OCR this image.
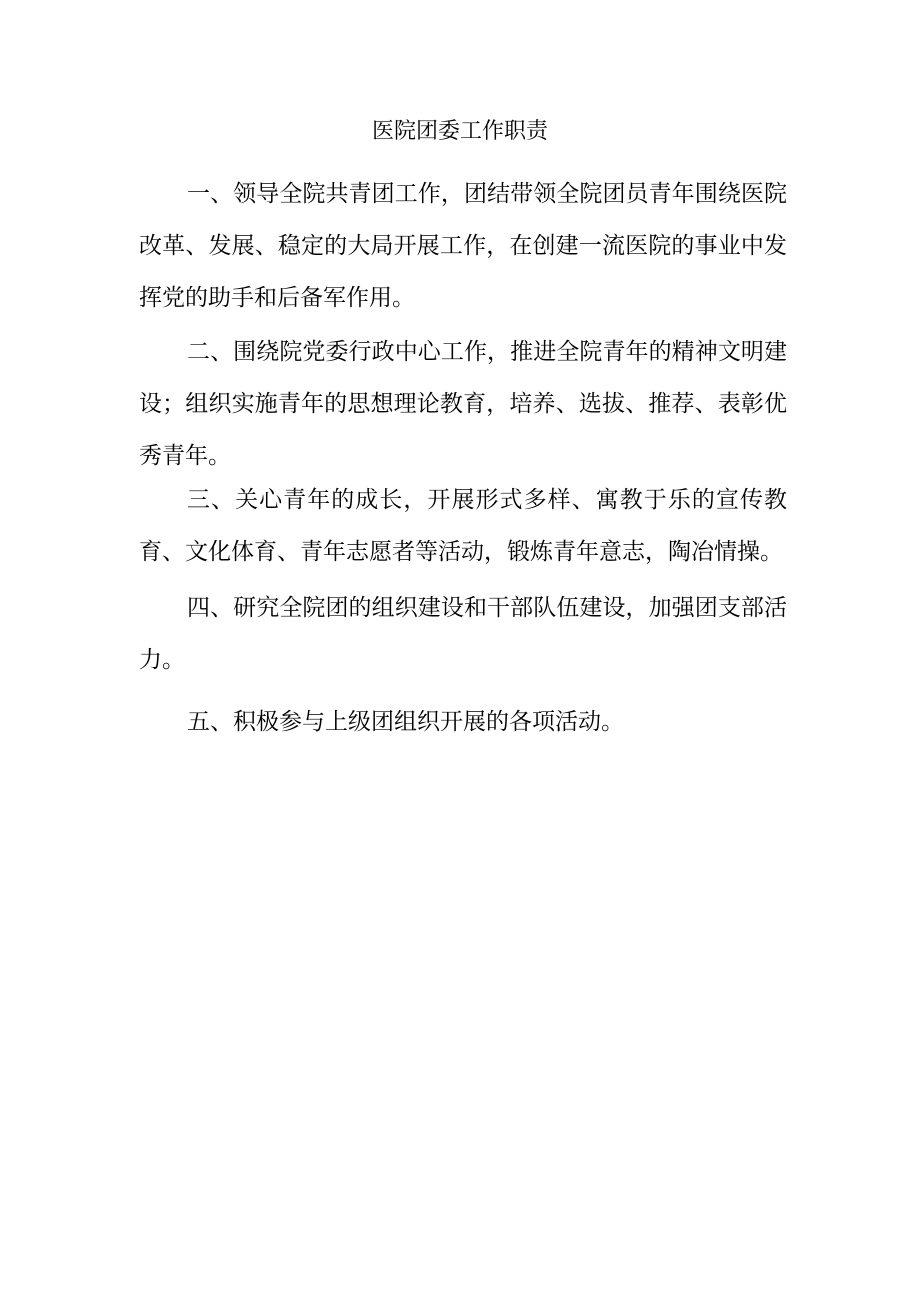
医院团委工作职责

一、领导全院共青团工作，团结带领全院团员青年围绕医院改革、发展、稳定的大局开展工作，在创建一流医院的事业中发挥党的助手和后备军作用。

二、围绕院党委行政中心工作，推进全院青年的精神文明建设；组织实施青年的思想理论教育，培养、选拔、推荐、表彰优秀青年。

三、关心青年的成长，开展形式多样、寓教于乐的宣传教育、文化体育、青年志愿者等活动，锻炼青年意志，陶冶情操。

四、研究全院团的组织建设和干部队伍建设，加强团支部活力。

五、积极参与上级团组织开展的各项活动。
